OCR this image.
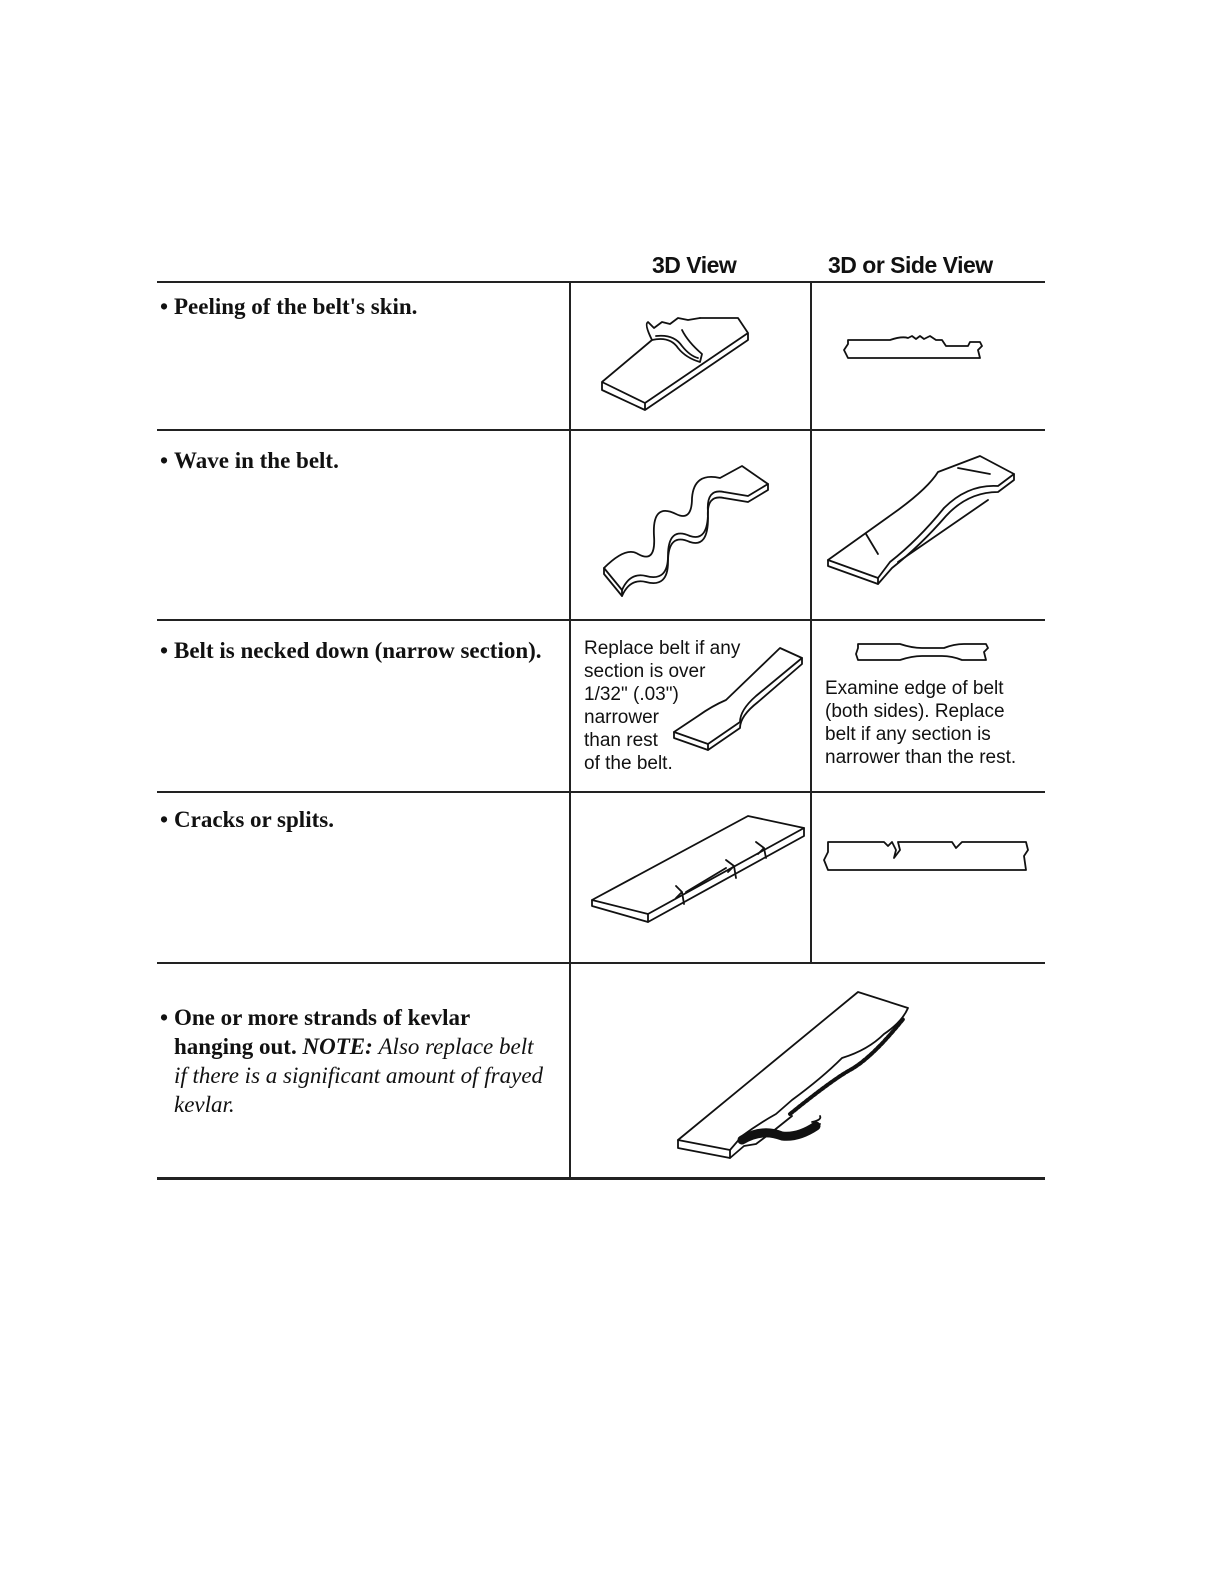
3D View	3D or Side View
• Peeling of the belt's skin.
• Wave in the belt.
• Belt is necked down (narrow section).
• Cracks or splits.
• One or more strands of kevlar
hanging out. NOTE: Also replace belt
if there is a significant amount of frayed
kevlar.
Replace belt if any
section is over
1/32" (.03")
narrower
than rest
of the belt.
Examine edge of belt
(both sides). Replace
belt if any section is
narrower than the rest.
